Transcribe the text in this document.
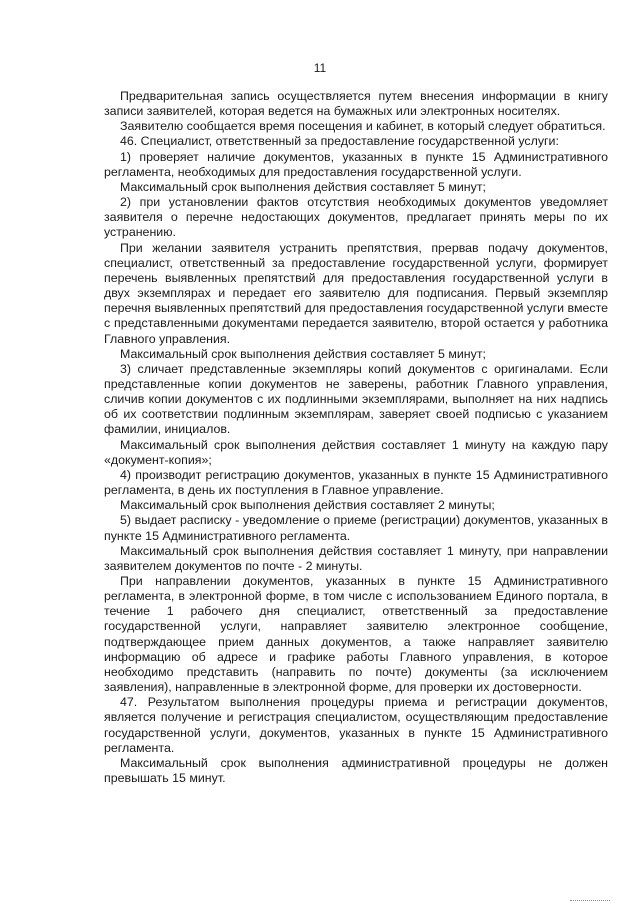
11

Предварительная запись осуществляется путем внесения информации в книгу записи заявителей, которая ведется на бумажных или электронных носителях.

Заявителю сообщается время посещения и кабинет, в который следует обратиться.

46. Специалист, ответственный за предоставление государственной услуги:

1) проверяет наличие документов, указанных в пункте 15 Административного регламента, необходимых для предоставления государственной услуги.

Максимальный срок выполнения действия составляет 5 минут;

2) при установлении фактов отсутствия необходимых документов уведомляет заявителя о перечне недостающих документов, предлагает принять меры по их устранению.

При желании заявителя устранить препятствия, прервав подачу документов, специалист, ответственный за предоставление государственной услуги, формирует перечень выявленных препятствий для предоставления государственной услуги в двух экземплярах и передает его заявителю для подписания. Первый экземпляр перечня выявленных препятствий для предоставления государственной услуги вместе с представленными документами передается заявителю, второй остается у работника Главного управления.

Максимальный срок выполнения действия составляет 5 минут;

3) сличает представленные экземпляры копий документов с оригиналами. Если представленные копии документов не заверены, работник Главного управления, сличив копии документов с их подлинными экземплярами, выполняет на них надпись об их соответствии подлинным экземплярам, заверяет своей подписью с указанием фамилии, инициалов.

Максимальный срок выполнения действия составляет 1 минуту на каждую пару «документ-копия»;

4) производит регистрацию документов, указанных в пункте 15 Административного регламента, в день их поступления в Главное управление.

Максимальный срок выполнения действия составляет 2 минуты;

5) выдает расписку - уведомление о приеме (регистрации) документов, указанных в пункте 15 Административного регламента.

Максимальный срок выполнения действия составляет 1 минуту, при направлении заявителем документов по почте - 2 минуты.

При направлении документов, указанных в пункте 15 Административного регламента, в электронной форме, в том числе с использованием Единого портала, в течение 1 рабочего дня специалист, ответственный за предоставление государственной услуги, направляет заявителю электронное сообщение, подтверждающее прием данных документов, а также направляет заявителю информацию об адресе и графике работы Главного управления, в которое необходимо представить (направить по почте) документы (за исключением заявления), направленные в электронной форме, для проверки их достоверности.

47. Результатом выполнения процедуры приема и регистрации документов, является получение и регистрация специалистом, осуществляющим предоставление государственной услуги, документов, указанных в пункте 15 Административного регламента.

Максимальный срок выполнения административной процедуры не должен превышать 15 минут.
